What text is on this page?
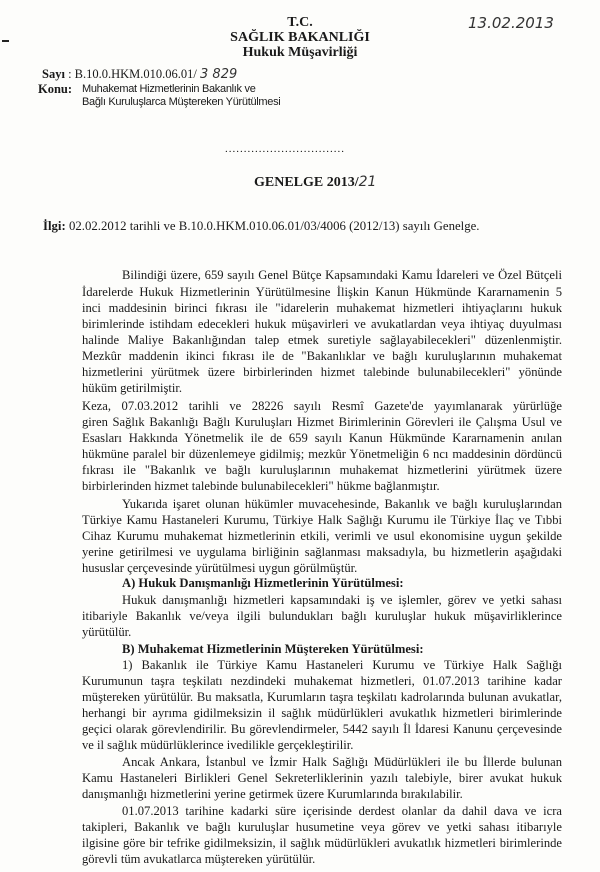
T.C.
SAĞLIK BAKANLIĞI
Hukuk Müşavirliği
13.02.2013
Sayı : B.10.0.HKM.010.06.01/ 3 829
Konu: Muhakemat Hizmetlerinin Bakanlık ve
Bağlı Kuruluşlarca Müştereken Yürütülmesi
................................
GENELGE 2013/21
İlgi: 02.02.2012 tarihli ve B.10.0.HKM.010.06.01/03/4006 (2012/13) sayılı Genelge.
Bilindiği üzere, 659 sayılı Genel Bütçe Kapsamındaki Kamu İdareleri ve Özel Bütçeli
İdarelerde Hukuk Hizmetlerinin Yürütülmesine İlişkin Kanun Hükmünde Kararnamenin 5
inci maddesinin birinci fıkrası ile "idarelerin muhakemat hizmetleri ihtiyaçlarını hukuk
birimlerinde istihdam edecekleri hukuk müşavirleri ve avukatlardan veya ihtiyaç duyulması
halinde Maliye Bakanlığından talep etmek suretiyle sağlayabilecekleri" düzenlenmiştir.
Mezkûr maddenin ikinci fıkrası ile de "Bakanlıklar ve bağlı kuruluşlarının muhakemat
hizmetlerini yürütmek üzere birbirlerinden hizmet talebinde bulunabilecekleri" yönünde
hüküm getirilmiştir.
Keza, 07.03.2012 tarihli ve 28226 sayılı Resmî Gazete'de yayımlanarak yürürlüğe
giren Sağlık Bakanlığı Bağlı Kuruluşları Hizmet Birimlerinin Görevleri ile Çalışma Usul ve
Esasları Hakkında Yönetmelik ile de 659 sayılı Kanun Hükmünde Kararnamenin anılan
hükmüne paralel bir düzenlemeye gidilmiş; mezkûr Yönetmeliğin 6 ncı maddesinin dördüncü
fıkrası ile "Bakanlık ve bağlı kuruluşlarının muhakemat hizmetlerini yürütmek üzere
birbirlerinden hizmet talebinde bulunabilecekleri" hükme bağlanmıştır.
Yukarıda işaret olunan hükümler muvacehesinde, Bakanlık ve bağlı kuruluşlarından
Türkiye Kamu Hastaneleri Kurumu, Türkiye Halk Sağlığı Kurumu ile Türkiye İlaç ve Tıbbi
Cihaz Kurumu muhakemat hizmetlerinin etkili, verimli ve usul ekonomisine uygun şekilde
yerine getirilmesi ve uygulama birliğinin sağlanması maksadıyla, bu hizmetlerin aşağıdaki
hususlar çerçevesinde yürütülmesi uygun görülmüştür.
A) Hukuk Danışmanlığı Hizmetlerinin Yürütülmesi:
Hukuk danışmanlığı hizmetleri kapsamındaki iş ve işlemler, görev ve yetki sahası
itibariyle Bakanlık ve/veya ilgili bulundukları bağlı kuruluşlar hukuk müşavirliklerince
yürütülür.
B) Muhakemat Hizmetlerinin Müştereken Yürütülmesi:
1) Bakanlık ile Türkiye Kamu Hastaneleri Kurumu ve Türkiye Halk Sağlığı
Kurumunun taşra teşkilatı nezdindeki muhakemat hizmetleri, 01.07.2013 tarihine kadar
müştereken yürütülür. Bu maksatla, Kurumların taşra teşkilatı kadrolarında bulunan avukatlar,
herhangi bir ayrıma gidilmeksizin il sağlık müdürlükleri avukatlık hizmetleri birimlerinde
geçici olarak görevlendirilir. Bu görevlendirmeler, 5442 sayılı İl İdaresi Kanunu çerçevesinde
ve il sağlık müdürlüklerince ivedilikle gerçekleştirilir.
Ancak Ankara, İstanbul ve İzmir Halk Sağlığı Müdürlükleri ile bu İllerde bulunan
Kamu Hastaneleri Birlikleri Genel Sekreterliklerinin yazılı talebiyle, birer avukat hukuk
danışmanlığı hizmetlerini yerine getirmek üzere Kurumlarında bırakılabilir.
01.07.2013 tarihine kadarki süre içerisinde derdest olanlar da dahil dava ve icra
takipleri, Bakanlık ve bağlı kuruluşlar husumetine veya görev ve yetki sahası itibarıyle
ilgisine göre bir tefrike gidilmeksizin, il sağlık müdürlükleri avukatlık hizmetleri birimlerinde
görevli tüm avukatlarca müştereken yürütülür.
